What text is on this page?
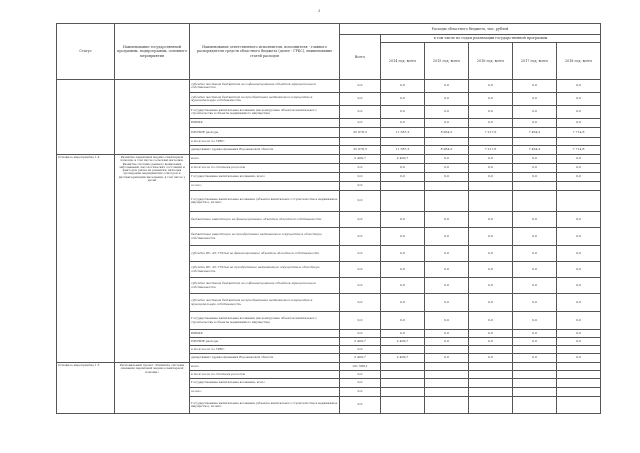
3
Статус	Наименование государственной программы, подпрограммы, основного мероприятия	Наименование ответственного исполнителя, исполнителя - главного распорядителя средств областного бюджета (далее - ГРБС), наименование статей расходов	Расходы областного бюджета, тыс. рублей					
			Всего	в том числе по годам реализации государственной программы				
				2014 год, всего	2015 год, всего	2016 год, всего	2017 год, всего	2018 год, всего
		субсидии местным бюджетам на софинансирование объектов муниципальной собственности	0,0	0,0	0,0	0,0	0,0	0,0
		субсидии местным бюджетам на приобретение недвижимого имущества в муниципальную собственность	0,0	0,0	0,0	0,0	0,0	0,0
		Государственные капитальные вложения (на конкурсные объектов капитального строительства в объекты недвижимого имущества)	0,0	0,0	0,0	0,0	0,0	0,0
		НИОКР	0,0	0,0	0,0	0,0	0,0	0,0
		ПРОЧИЕ расходы	35 978,3	11 587,3	8 964,5	7 217,6	7 464,2	7 714,8
		в том числе по ГРБС:						
		департамент здравоохранения Воронежской области	35 978,3	11 587,3	8 964,5	7 217,6	7 464,2	7 714,8
Основное мероприятие 1.4	Развитие первичной медико-санитарной помощи, в том числе сельским жителям. Развитие системы раннего выявления заболеваний, патологических состояний и факторов риска их развития, включая проведение медицинских осмотров и диспансеризации населения, в том числе у детей	всего	2 409,7	2 409,7	0,0	0,0	0,0	0,0
		в том числе по статьям расходов	0,0	0,0	0,0	0,0	0,0	0,0
		Государственные капитальные вложения, всего	0,0	0,0	0,0	0,0	0,0	0,0
		из них:	0,0					
		Государственные капитальные вложения (объекты капитального строительства в недвижимое имущество), из них:	0,0					
		бюджетные инвестиции на финансирование объектов областной собственности	0,0	0,0	0,0	0,0	0,0	0,0
		бюджетные инвестиции на приобретение недвижимого имущества в областную собственность	0,0	0,0	0,0	0,0	0,0	0,0
		субсидии БУ, АУ, ГУПам на финансирование объектов областной собственности	0,0	0,0	0,0	0,0	0,0	0,0
		субсидии БУ, АУ, ГУПам на приобретение недвижимого имущества в областную собственность	0,0	0,0	0,0	0,0	0,0	0,0
		субсидии местным бюджетам на софинансирование объектов муниципальной собственности	0,0	0,0	0,0	0,0	0,0	0,0
		субсидии местным бюджетам на приобретение недвижимого имущества в муниципальную собственность	0,0	0,0	0,0	0,0	0,0	0,0
		Государственные капитальные вложения (на конкурсные объектов капитального строительства в объекты недвижимого имущества)	0,0	0,0	0,0	0,0	0,0	0,0
		НИОКР	0,0	0,0	0,0	0,0	0,0	0,0
		ПРОЧИЕ расходы	2 409,7	2 409,7	0,0	0,0	0,0	0,0
		в том числе по ГРБС:	0,0					
		департамент здравоохранения Воронежской области	2 409,7	2 409,7	0,0	0,0	0,0	0,0
Основное мероприятие 1.5	Региональный проект «Развитие системы оказания первичной медико-санитарной помощи»	всего	101 586,1					
		в том числе по статьям расходов	0,0					
		Государственные капитальные вложения, всего	0,0					
		из них:	0,0					
		Государственные капитальные вложения (объекты капитального строительства в недвижимое имущество), из них:	0,0					
